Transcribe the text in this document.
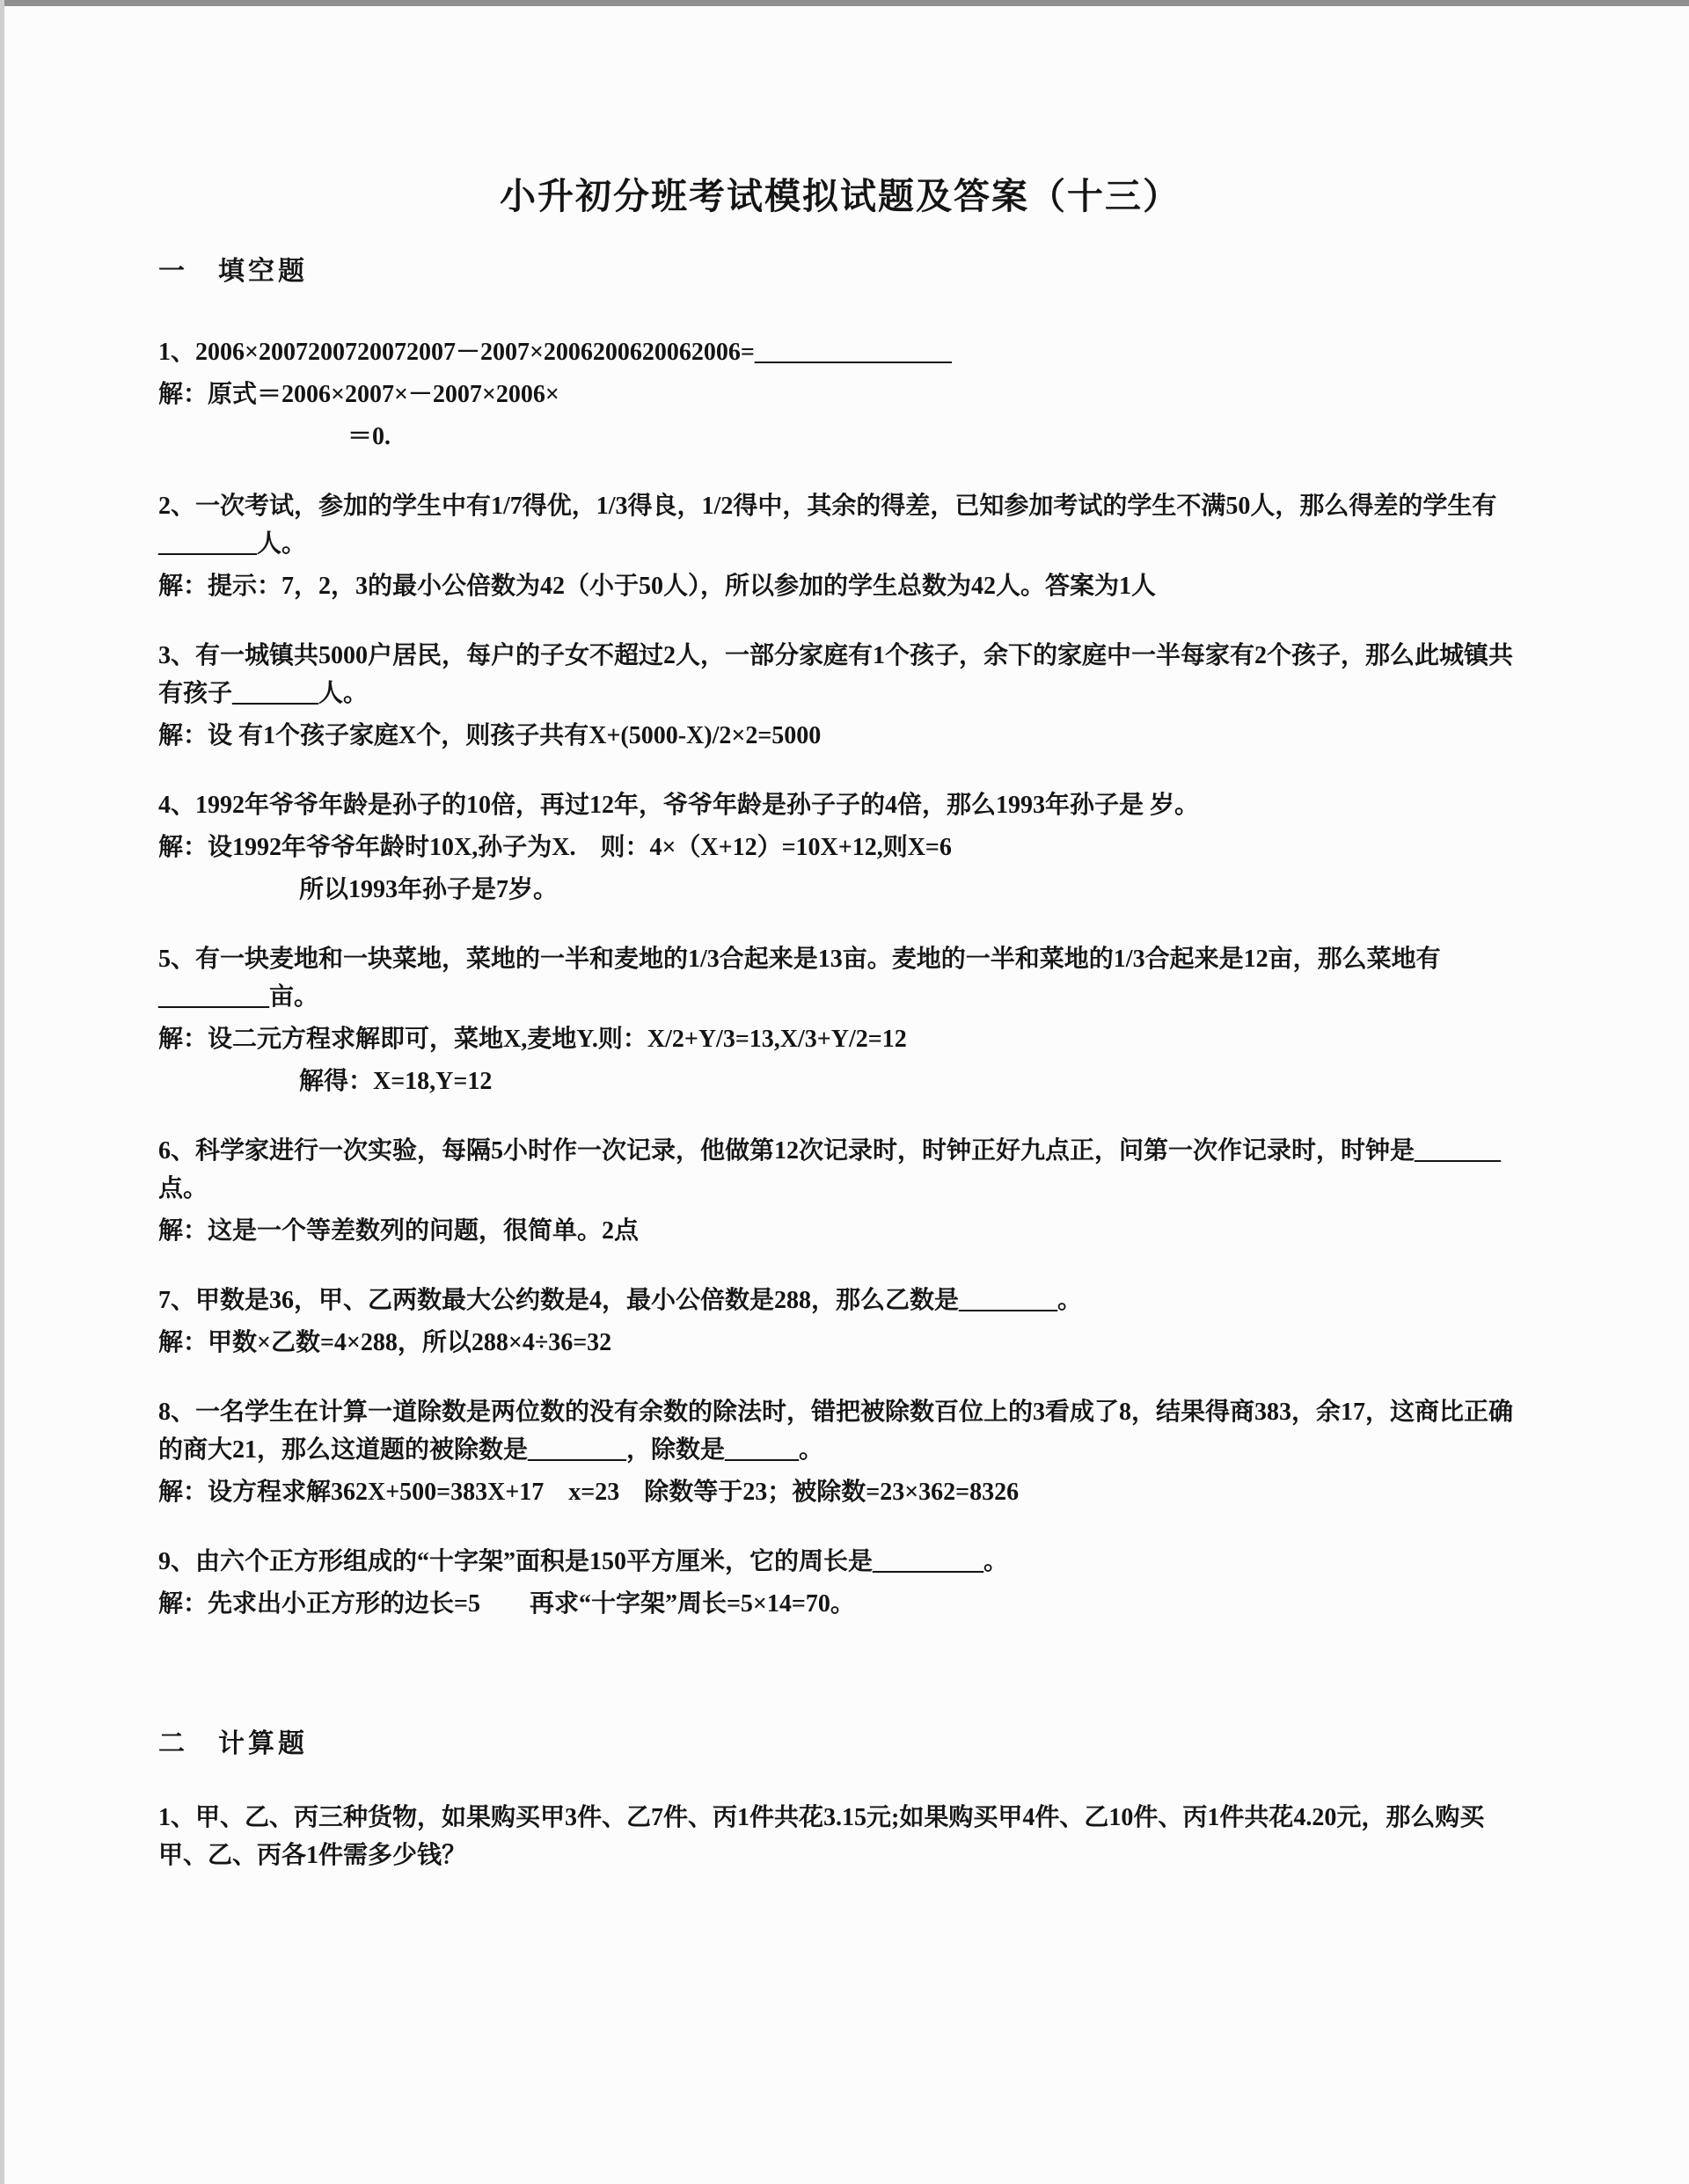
小升初分班考试模拟试题及答案（十三）
一　填空题

1、2006×2007200720072007－2007×2006200620062006=________________

解：原式＝2006×2007×－2007×2006×

＝0.

2、一次考试，参加的学生中有1/7得优，1/3得良，1/2得中，其余的得差，已知参加考试的学生不满50人，那么得差的学生有________人。

解：提示：7，2，3的最小公倍数为42（小于50人），所以参加的学生总数为42人。答案为1人

3、有一城镇共5000户居民，每户的子女不超过2人，一部分家庭有1个孩子，余下的家庭中一半每家有2个孩子，那么此城镇共有孩子_______人。

解：设 有1个孩子家庭X个，则孩子共有X+(5000-X)/2×2=5000

4、1992年爷爷年龄是孙子的10倍，再过12年，爷爷年龄是孙子子的4倍，那么1993年孙子是 岁。

解：设1992年爷爷年龄时10X,孙子为X.　则：4×（X+12）=10X+12,则X=6

所以1993年孙子是7岁。

5、有一块麦地和一块菜地，菜地的一半和麦地的1/3合起来是13亩。麦地的一半和菜地的1/3合起来是12亩，那么菜地有_________亩。

解：设二元方程求解即可，菜地X,麦地Y.则：X/2+Y/3=13,X/3+Y/2=12

解得：X=18,Y=12

6、科学家进行一次实验，每隔5小时作一次记录，他做第12次记录时，时钟正好九点正，问第一次作记录时，时钟是_______点。

解：这是一个等差数列的问题，很简单。2点

7、甲数是36，甲、乙两数最大公约数是4，最小公倍数是288，那么乙数是________。

解：甲数×乙数=4×288，所以288×4÷36=32

8、一名学生在计算一道除数是两位数的没有余数的除法时，错把被除数百位上的3看成了8，结果得商383，余17，这商比正确的商大21，那么这道题的被除数是________，除数是______。

解：设方程求解362X+500=383X+17　x=23　除数等于23；被除数=23×362=8326

9、由六个正方形组成的“十字架”面积是150平方厘米，它的周长是_________。

解：先求出小正方形的边长=5　　再求“十字架”周长=5×14=70。

二　计算题

1、甲、乙、丙三种货物，如果购买甲3件、乙7件、丙1件共花3.15元;如果购买甲4件、乙10件、丙1件共花4.20元，那么购买甲、乙、丙各1件需多少钱？
